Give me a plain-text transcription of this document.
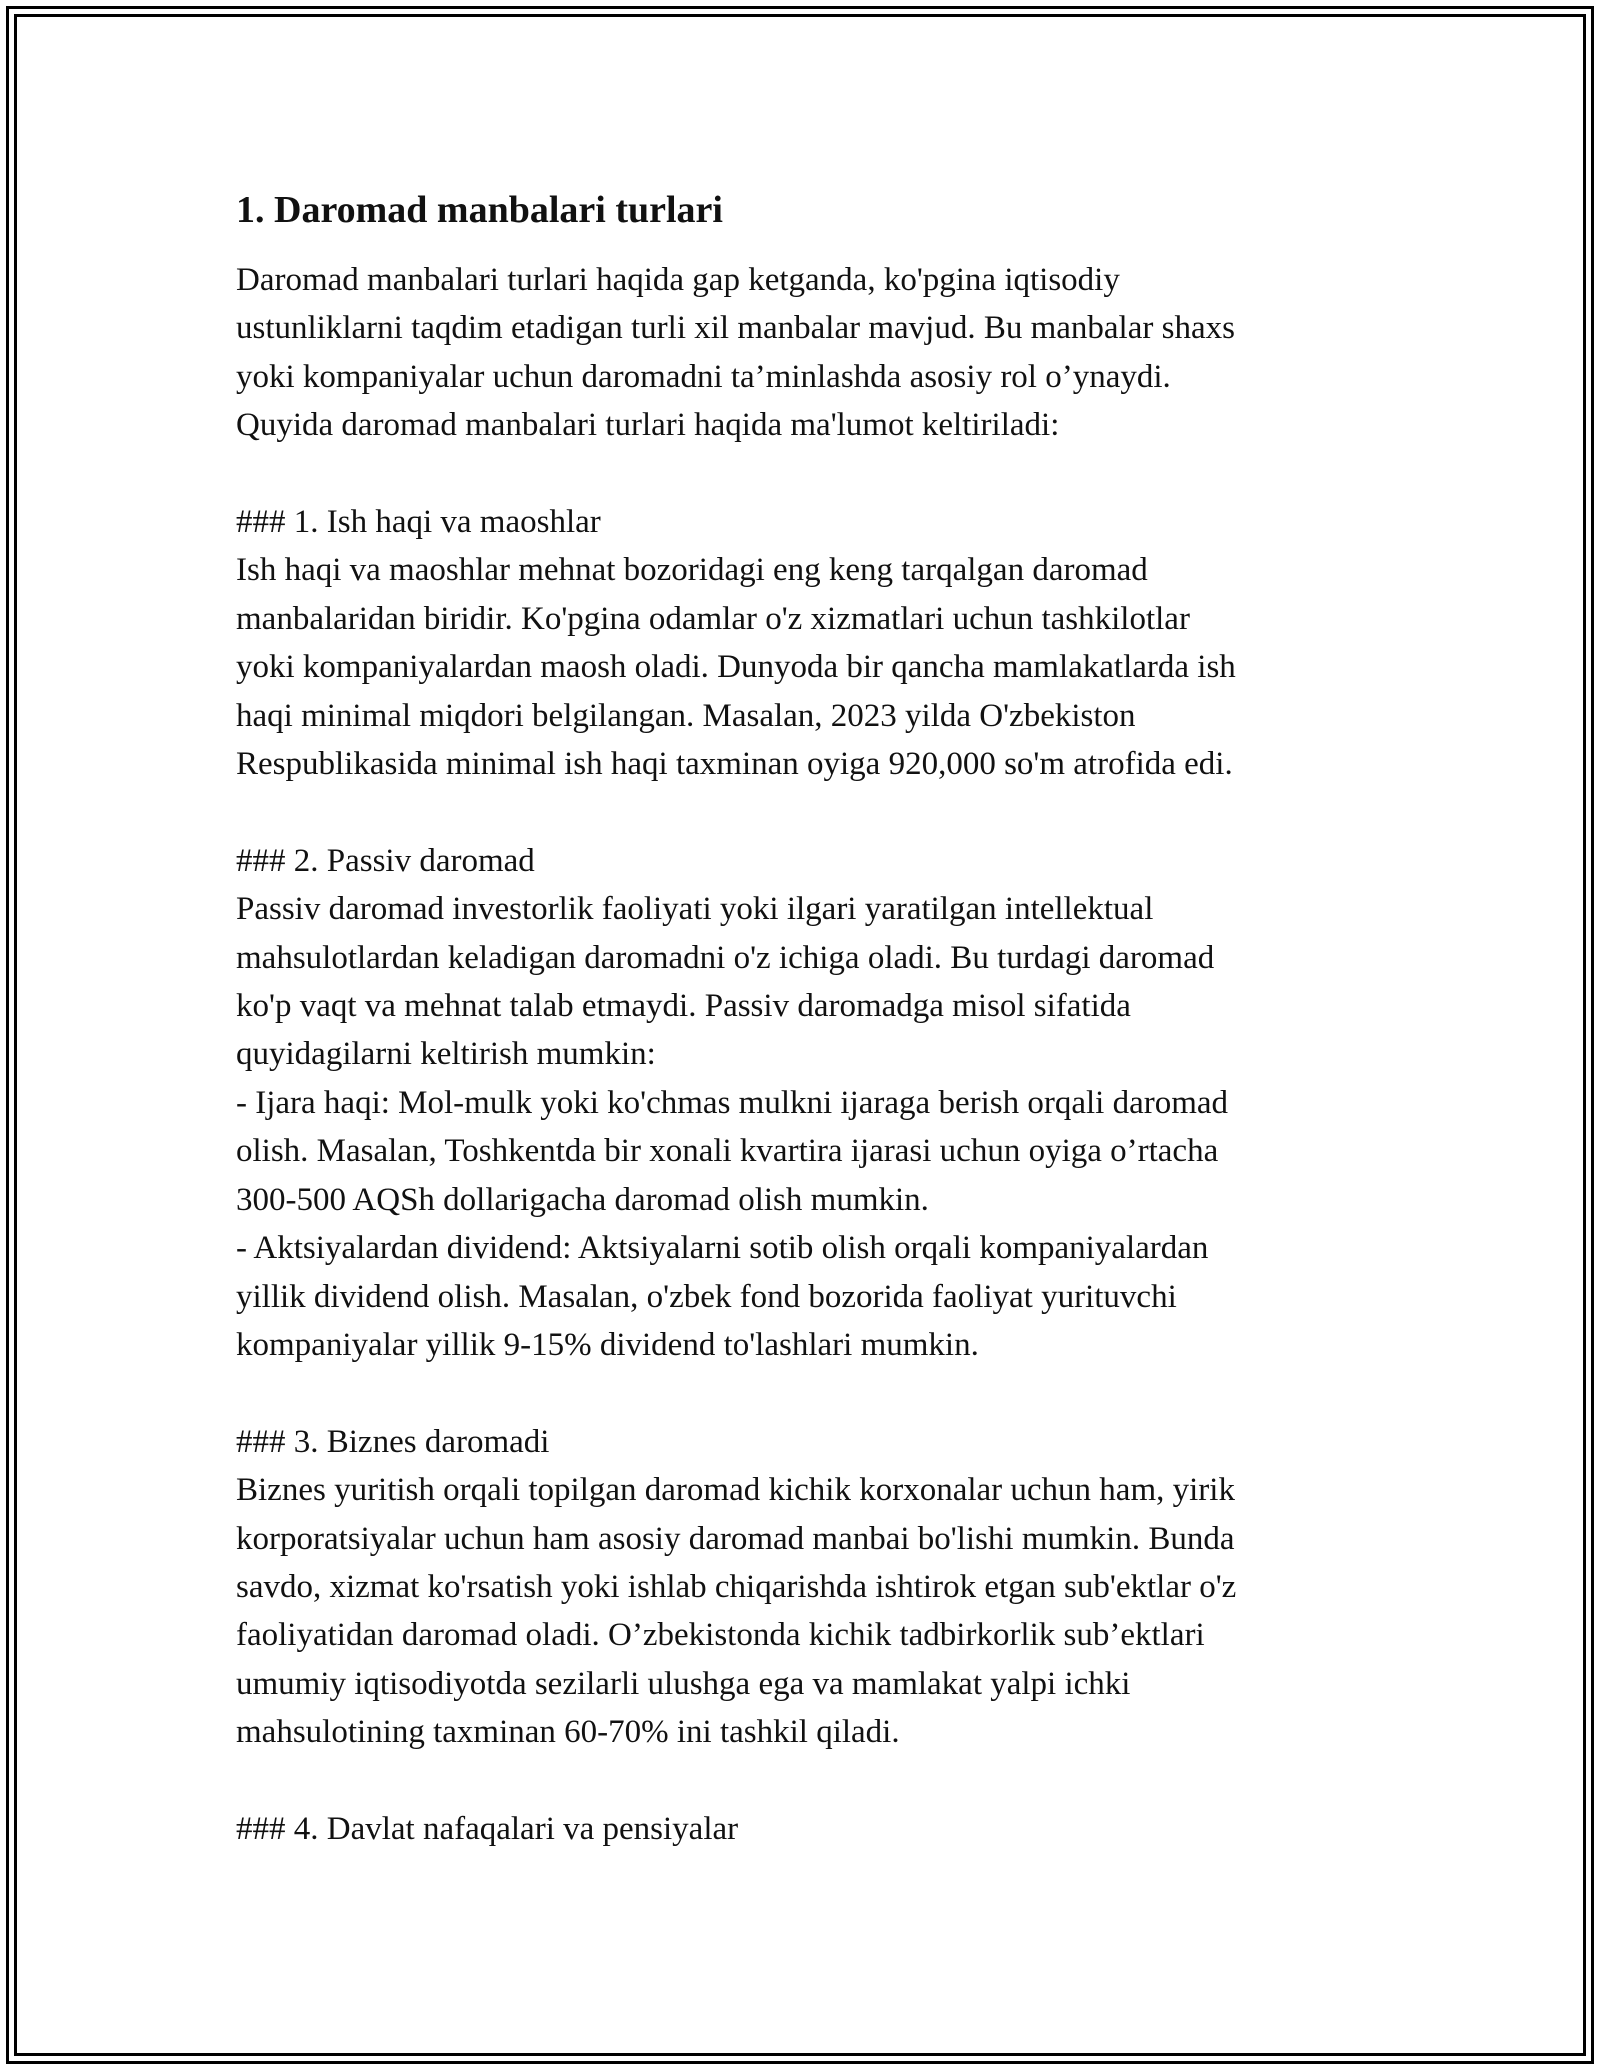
1. Daromad manbalari turlari

Daromad manbalari turlari haqida gap ketganda, ko'pgina iqtisodiy
ustunliklarni taqdim etadigan turli xil manbalar mavjud. Bu manbalar shaxs
yoki kompaniyalar uchun daromadni ta’minlashda asosiy rol o’ynaydi.
Quyida daromad manbalari turlari haqida ma'lumot keltiriladi:

### 1. Ish haqi va maoshlar

Ish haqi va maoshlar mehnat bozoridagi eng keng tarqalgan daromad
manbalaridan biridir. Ko'pgina odamlar o'z xizmatlari uchun tashkilotlar
yoki kompaniyalardan maosh oladi. Dunyoda bir qancha mamlakatlarda ish
haqi minimal miqdori belgilangan. Masalan, 2023 yilda O'zbekiston
Respublikasida minimal ish haqi taxminan oyiga 920,000 so'm atrofida edi.

### 2. Passiv daromad

Passiv daromad investorlik faoliyati yoki ilgari yaratilgan intellektual
mahsulotlardan keladigan daromadni o'z ichiga oladi. Bu turdagi daromad
ko'p vaqt va mehnat talab etmaydi. Passiv daromadga misol sifatida
quyidagilarni keltirish mumkin:
- Ijara haqi: Mol-mulk yoki ko'chmas mulkni ijaraga berish orqali daromad
olish. Masalan, Toshkentda bir xonali kvartira ijarasi uchun oyiga o’rtacha
300-500 AQSh dollarigacha daromad olish mumkin.
- Aktsiyalardan dividend: Aktsiyalarni sotib olish orqali kompaniyalardan
yillik dividend olish. Masalan, o'zbek fond bozorida faoliyat yurituvchi
kompaniyalar yillik 9-15% dividend to'lashlari mumkin.

### 3. Biznes daromadi

Biznes yuritish orqali topilgan daromad kichik korxonalar uchun ham, yirik
korporatsiyalar uchun ham asosiy daromad manbai bo'lishi mumkin. Bunda
savdo, xizmat ko'rsatish yoki ishlab chiqarishda ishtirok etgan sub'ektlar o'z
faoliyatidan daromad oladi. O’zbekistonda kichik tadbirkorlik sub’ektlari
umumiy iqtisodiyotda sezilarli ulushga ega va mamlakat yalpi ichki
mahsulotining taxminan 60-70% ini tashkil qiladi.

### 4. Davlat nafaqalari va pensiyalar
